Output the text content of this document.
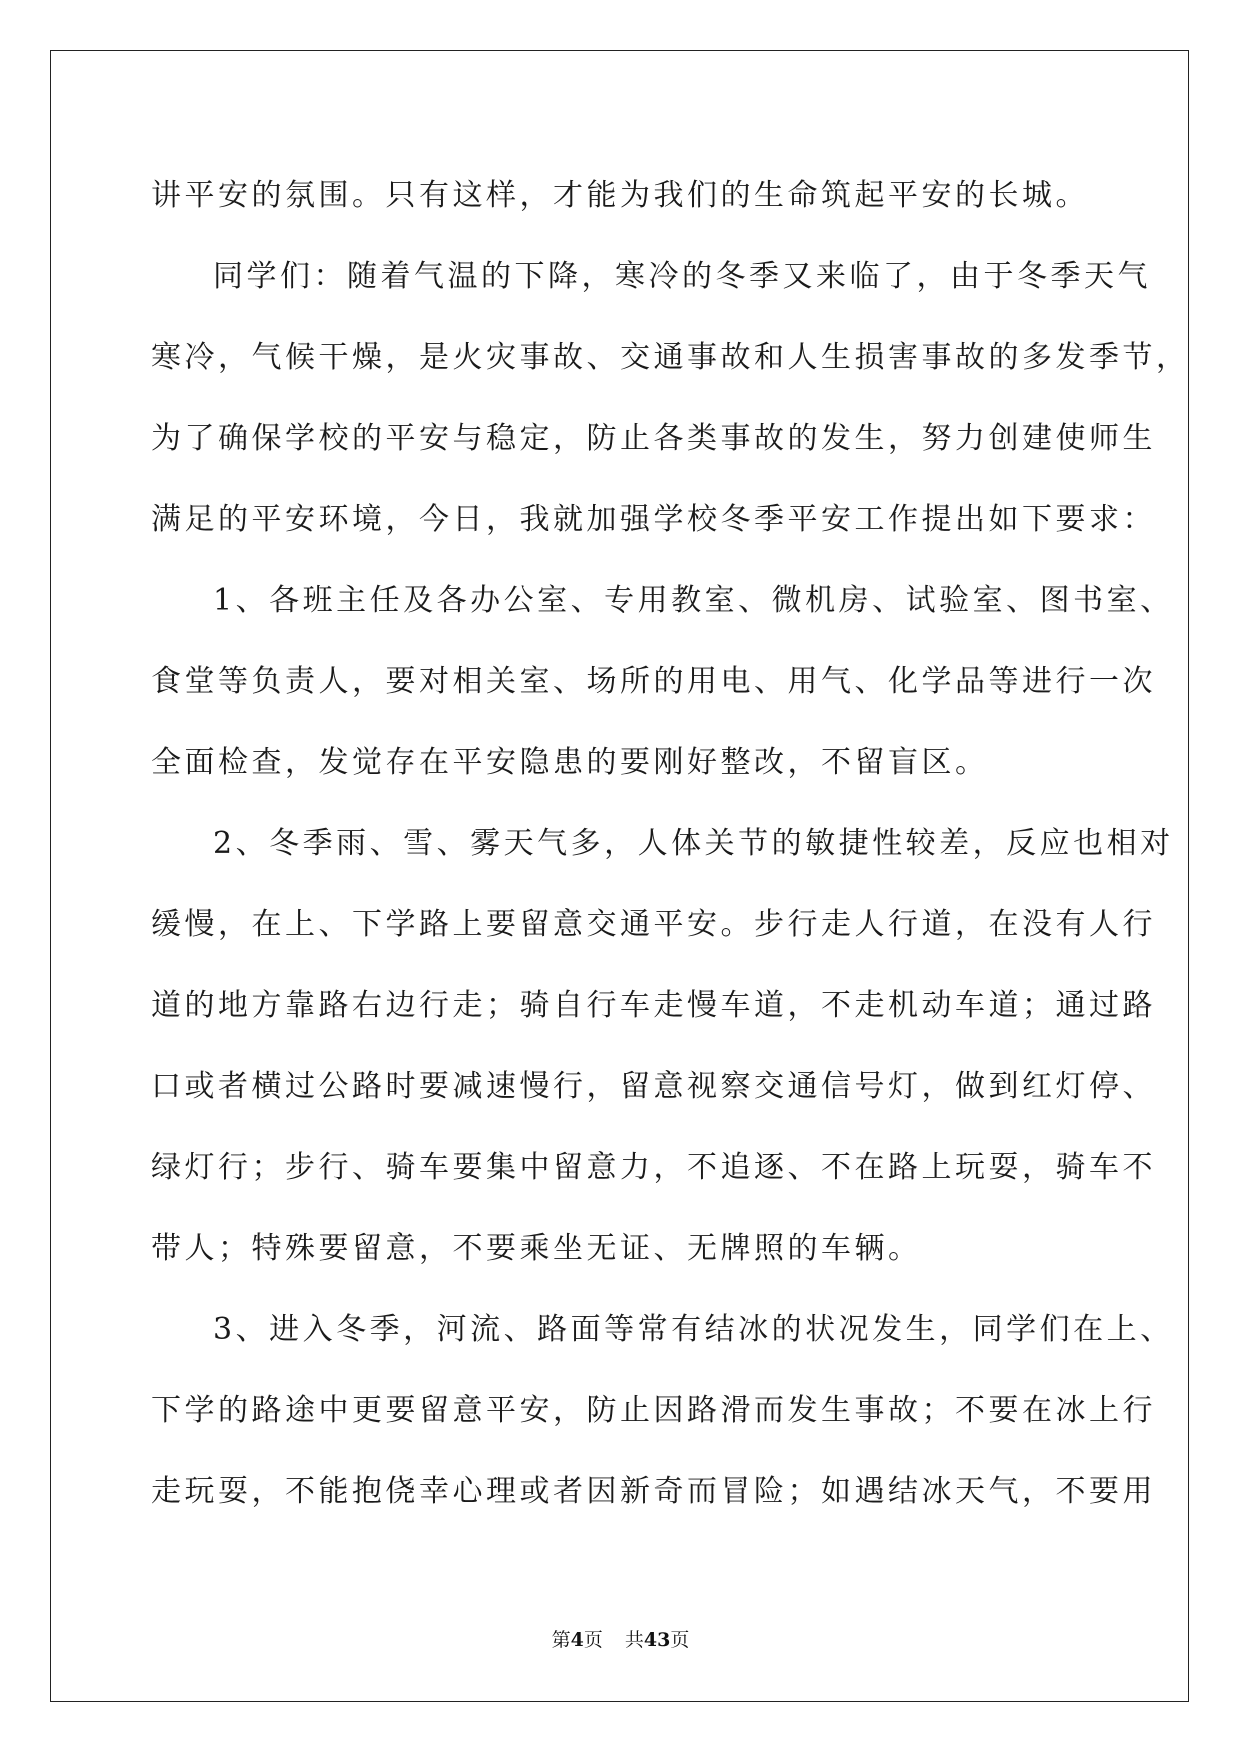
讲平安的氛围。只有这样，才能为我们的生命筑起平安的长城。
同学们：随着气温的下降，寒冷的冬季又来临了，由于冬季天气
寒冷，气候干燥，是火灾事故、交通事故和人生损害事故的多发季节，
为了确保学校的平安与稳定，防止各类事故的发生，努力创建使师生
满足的平安环境，今日，我就加强学校冬季平安工作提出如下要求：
1、各班主任及各办公室、专用教室、微机房、试验室、图书室、
食堂等负责人，要对相关室、场所的用电、用气、化学品等进行一次
全面检查，发觉存在平安隐患的要刚好整改，不留盲区。
2、冬季雨、雪、雾天气多，人体关节的敏捷性较差，反应也相对
缓慢，在上、下学路上要留意交通平安。步行走人行道，在没有人行
道的地方靠路右边行走；骑自行车走慢车道，不走机动车道；通过路
口或者横过公路时要减速慢行，留意视察交通信号灯，做到红灯停、
绿灯行；步行、骑车要集中留意力，不追逐、不在路上玩耍，骑车不
带人；特殊要留意，不要乘坐无证、无牌照的车辆。
3、进入冬季，河流、路面等常有结冰的状况发生，同学们在上、
下学的路途中更要留意平安，防止因路滑而发生事故；不要在冰上行
走玩耍，不能抱侥幸心理或者因新奇而冒险；如遇结冰天气，不要用
第4页 共43页
